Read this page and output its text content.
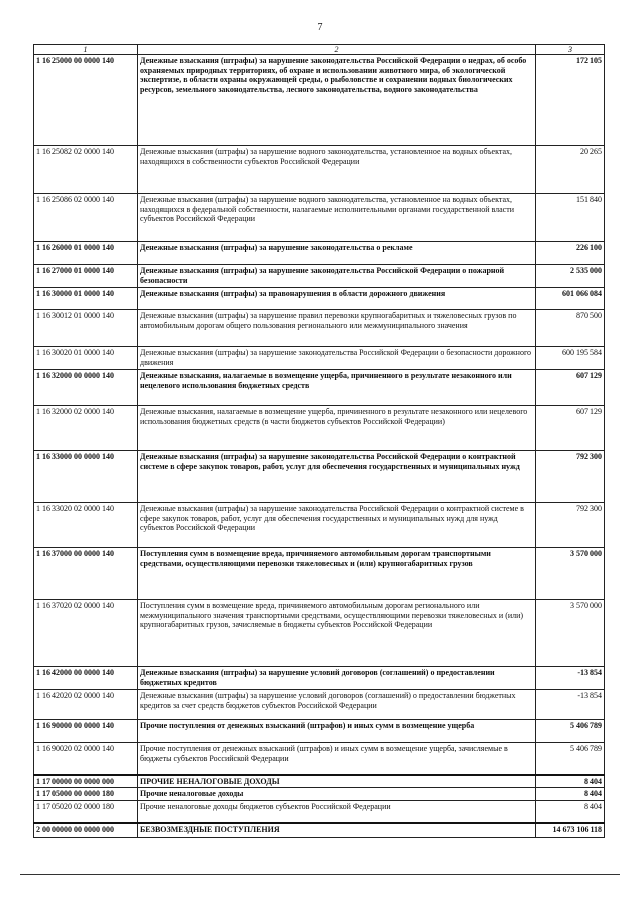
7
1	2	3
1 16 25000 00 0000 140	Денежные взыскания (штрафы) за нарушение законодательства Российской Федерации о недрах, об особо охраняемых природных территориях, об охране и использовании животного мира, об экологической экспертизе, в области охраны окружающей среды, о рыболовстве и сохранении водных биологических ресурсов, земельного законодательства, лесного законодательства, водного законодательства	172 105
1 16 25082 02 0000 140	Денежные взыскания (штрафы) за нарушение водного законодательства, установленное на водных объектах, находящихся в собственности субъектов Российской Федерации	20 265
1 16 25086 02 0000 140	Денежные взыскания (штрафы) за нарушение водного законодательства, установленное на водных объектах, находящихся в федеральной собственности, налагаемые исполнительными органами государственной власти субъектов Российской Федерации	151 840
1 16 26000 01 0000 140	Денежные взыскания (штрафы) за нарушение законодательства о рекламе	226 100
1 16 27000 01 0000 140	Денежные взыскания (штрафы) за нарушение законодательства Российской Федерации о пожарной безопасности	2 535 000
1 16 30000 01 0000 140	Денежные взыскания (штрафы) за правонарушения в области дорожного движения	601 066 084
1 16 30012 01 0000 140	Денежные взыскания (штрафы) за нарушение правил перевозки крупногабаритных и тяжеловесных грузов по автомобильным дорогам общего пользования регионального или межмуниципального значения	870 500
1 16 30020 01 0000 140	Денежные взыскания (штрафы) за нарушение законодательства Российской Федерации о безопасности дорожного движения	600 195 584
1 16 32000 00 0000 140	Денежные взыскания, налагаемые в возмещение ущерба, причиненного в результате незаконного или нецелевого использования бюджетных средств	607 129
1 16 32000 02 0000 140	Денежные взыскания, налагаемые в возмещение ущерба, причиненного в результате незаконного или нецелевого использования бюджетных средств (в части бюджетов субъектов Российской Федерации)	607 129
1 16 33000 00 0000 140	Денежные взыскания (штрафы) за нарушение законодательства Российской Федерации о контрактной системе в сфере закупок товаров, работ, услуг для обеспечения государственных и муниципальных нужд	792 300
1 16 33020 02 0000 140	Денежные взыскания (штрафы) за нарушение законодательства Российской Федерации о контрактной системе в сфере закупок товаров, работ, услуг для обеспечения государственных и муниципальных нужд для нужд субъектов Российской Федерации	792 300
1 16 37000 00 0000 140	Поступления сумм в возмещение вреда, причиняемого автомобильным дорогам транспортными средствами, осуществляющими перевозки тяжеловесных и (или) крупногабаритных грузов	3 570 000
1 16 37020 02 0000 140	Поступления сумм в возмещение вреда, причиняемого автомобильным дорогам регионального или межмуниципального значения транспортными средствами, осуществляющими перевозки тяжеловесных и (или) крупногабаритных грузов, зачисляемые в бюджеты субъектов Российской Федерации	3 570 000
1 16 42000 00 0000 140	Денежные взыскания (штрафы) за нарушение условий договоров (соглашений) о предоставлении бюджетных кредитов	-13 854
1 16 42020 02 0000 140	Денежные взыскания (штрафы) за нарушение условий договоров (соглашений) о предоставлении бюджетных кредитов за счет средств бюджетов субъектов Российской Федерации	-13 854
1 16 90000 00 0000 140	Прочие поступления от денежных взысканий (штрафов) и иных сумм в возмещение ущерба	5 406 789
1 16 90020 02 0000 140	Прочие поступления от денежных взысканий (штрафов) и иных сумм в возмещение ущерба, зачисляемые в бюджеты субъектов Российской Федерации	5 406 789
1 17 00000 00 0000 000	ПРОЧИЕ НЕНАЛОГОВЫЕ ДОХОДЫ	8 404
1 17 05000 00 0000 180	Прочие неналоговые доходы	8 404
1 17 05020 02 0000 180	Прочие неналоговые доходы бюджетов субъектов Российской Федерации	8 404
2 00 00000 00 0000 000	БЕЗВОЗМЕЗДНЫЕ ПОСТУПЛЕНИЯ	14 673 106 118
